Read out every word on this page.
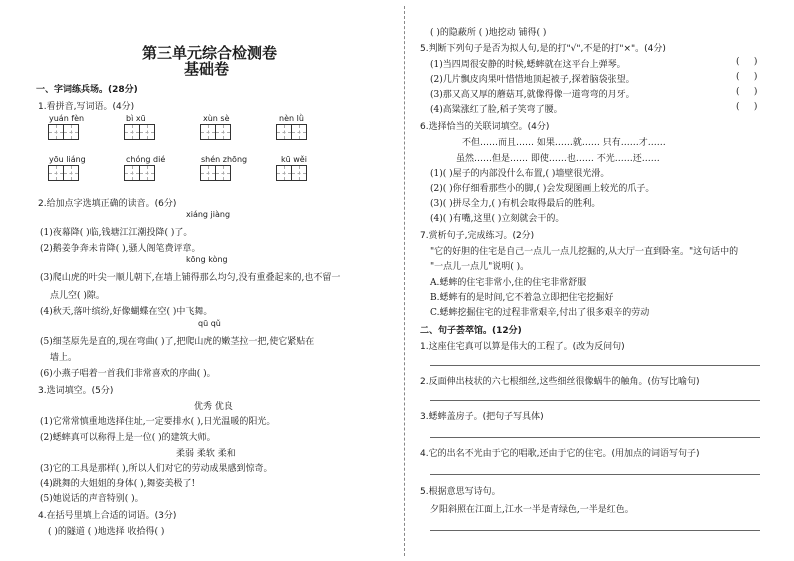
第三单元综合检测卷
基础卷
一、字词练兵场。(28分)
1.看拼音,写词语。(4分)
yuán fèn	bì xū	xùn sè	nèn lǜ
yōu liáng	chóng dié	shén zhōng	kū wěi
2.给加点字选填正确的读音。(6分)
xiáng jiàng
(1)夜幕降( )临,钱塘江江潮投降( )了。
(2)鹅姜争奔未肯降( ),骚人阁笔费评章。
kōng kòng
(3)爬山虎的叶尖一顺儿朝下,在墙上铺得那么均匀,没有重叠起来的,也不留一
点儿空( )隙。
(4)秋天,落叶缤纷,好像蝴蝶在空( )中飞舞。
qū qǔ
(5)细茎原先是直的,现在弯曲( )了,把爬山虎的嫩茎拉一把,使它紧贴在
墙上。
(6)小燕子唱着一首我们非常喜欢的序曲( )。
3.选词填空。(5分)
优秀 优良
(1)它常常慎重地选择住址,一定要排水( ),日光温暖的阳光。
(2)蟋蟀真可以称得上是一位( )的建筑大师。
柔弱 柔软 柔和
(3)它的工具是那样( ),所以人们对它的劳动成果感到惊奇。
(4)跳舞的大姐姐的身体( ),舞姿美极了!
(5)她说话的声音特别( )。
4.在括号里填上合适的词语。(3分)
( )的隧道 ( )地选择 收拾得( )
( )的隐蔽所 ( )地挖动 铺得( )
5.判断下列句子是否为拟人句,是的打"√",不是的打"×"。(4分)
(1)当四周很安静的时候,蟋蟀就在这平台上弹琴。	(     )
(2)几片飘皮肉果叶惜惜地顶起被子,探着脑袋张望。	(     )
(3)那又高又厚的蘑菇耳,就像得像一道弯弯的月牙。	(     )
(4)高粱涨红了脸,稻子笑弯了腰。	(     )
6.选择恰当的关联词填空。(4分)
不但……而且…… 如果……就…… 只有……才……
虽然……但是…… 即使……也…… 不光……还……
(1)( )屋子的内部没什么布置,( )墙壁很光滑。
(2)( )你仔细看那些小的脚,( )会发现图画上较光的爪子。
(3)( )拼尽全力,( )有机会取得最后的胜利。
(4)( )有嘴,这里( )立刻就会干的。
7.赏析句子,完成练习。(2分)
"它的好胆的住宅是自己一点儿一点儿挖掘的,从大厅一直到卧室。"这句话中的
"一点儿一点儿"说明( )。
A.蟋蟀的住宅非常小,住的住宅非常舒服
B.蟋蟀有的是时间,它不着急立即把住宅挖掘好
C.蟋蟀挖掘住宅的过程非常艰辛,付出了很多艰辛的劳动
二、句子荟萃馆。(12分)
1.这座住宅真可以算是伟大的工程了。(改为反问句)
2.反面伸出枝状的六七根细丝,这些细丝很像蜗牛的触角。(仿写比喻句)
3.蟋蟀盖房子。(把句子写具体)
4.它的出名不光由于它的唱歌,还由于它的住宅。(用加点的词语写句子)
5.根据意思写诗句。
夕阳斜照在江面上,江水一半是青绿色,一半是红色。
